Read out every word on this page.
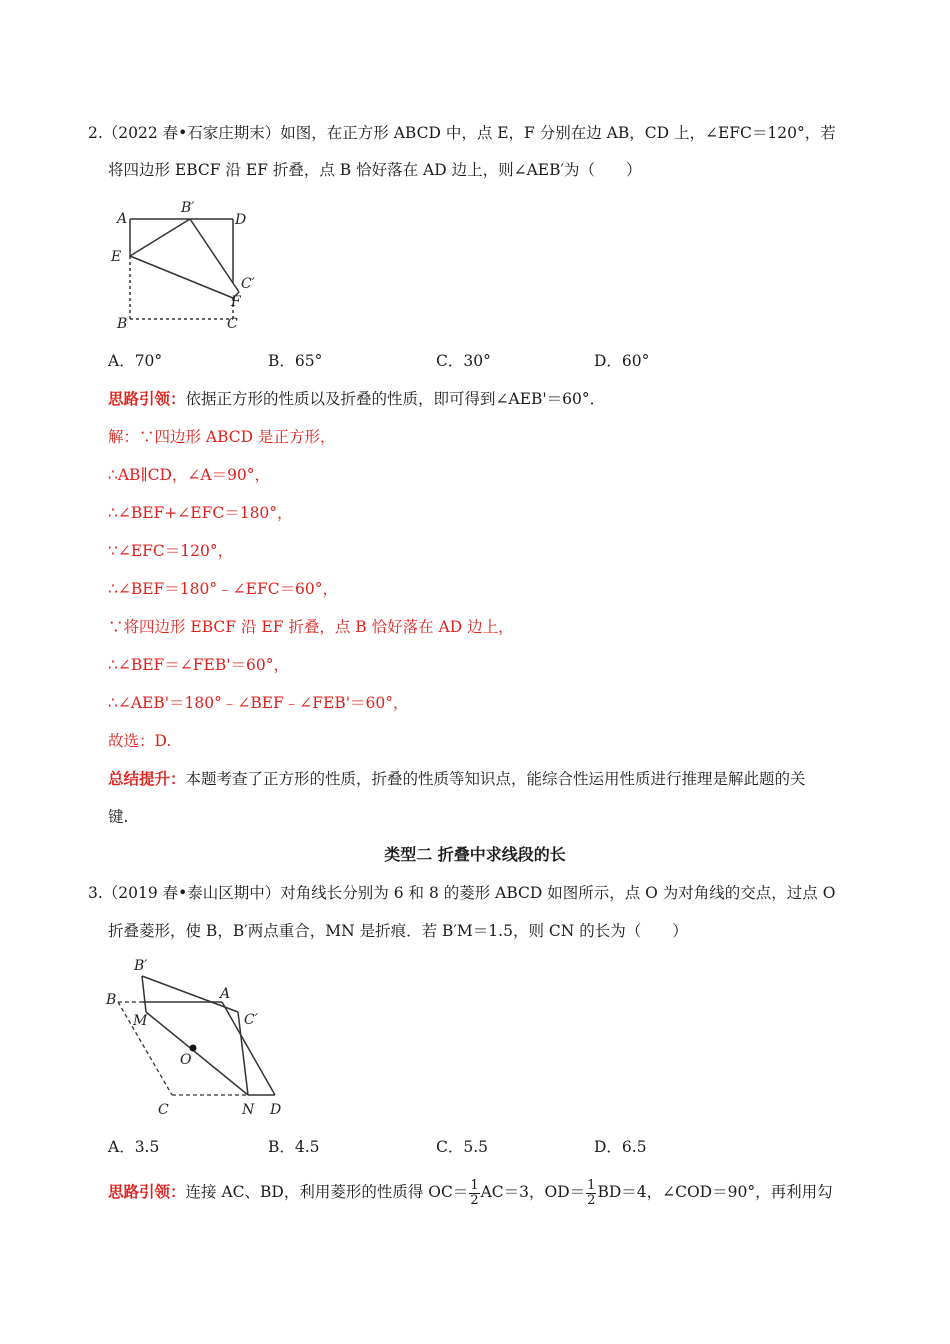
2.（2022 春•石家庄期末）如图，在正方形 ABCD 中，点 E，F 分别在边 AB，CD 上，∠EFC＝120°，若
将四边形 EBCF 沿 EF 折叠，点 B 恰好落在 AD 边上，则∠AEB′为（　　）
A
B′
D
E
C′
F
B	C
A．70°	B．65°	C．30°	D．60°
思路引领：依据正方形的性质以及折叠的性质，即可得到∠AEB'＝60°．
解：∵四边形 ABCD 是正方形，
∴AB∥CD，∠A＝90°，
∴∠BEF+∠EFC＝180°，
∵∠EFC＝120°，
∴∠BEF＝180°﹣∠EFC＝60°，
∵将四边形 EBCF 沿 EF 折叠，点 B 恰好落在 AD 边上，
∴∠BEF＝∠FEB'＝60°，
∴∠AEB'＝180°﹣∠BEF﹣∠FEB'＝60°，
故选：D.
总结提升：本题考查了正方形的性质，折叠的性质等知识点，能综合性运用性质进行推理是解此题的关
键.
类型二 折叠中求线段的长
3.（2019 春•泰山区期中）对角线长分别为 6 和 8 的菱形 ABCD 如图所示，点 O 为对角线的交点，过点 O
折叠菱形，使 B，B′两点重合，MN 是折痕．若 B′M＝1.5，则 CN 的长为（　　）
B′
B	A
M	C′
O
C	N D
A．3.5	B．4.5	C．5.5	D．6.5
思路引领：连接 AC、BD，利用菱形的性质得 $OC= \frac{1}{2} AC=3$，$OD= \frac{1}{2} BD=4$，∠COD＝90°，再利用勾
